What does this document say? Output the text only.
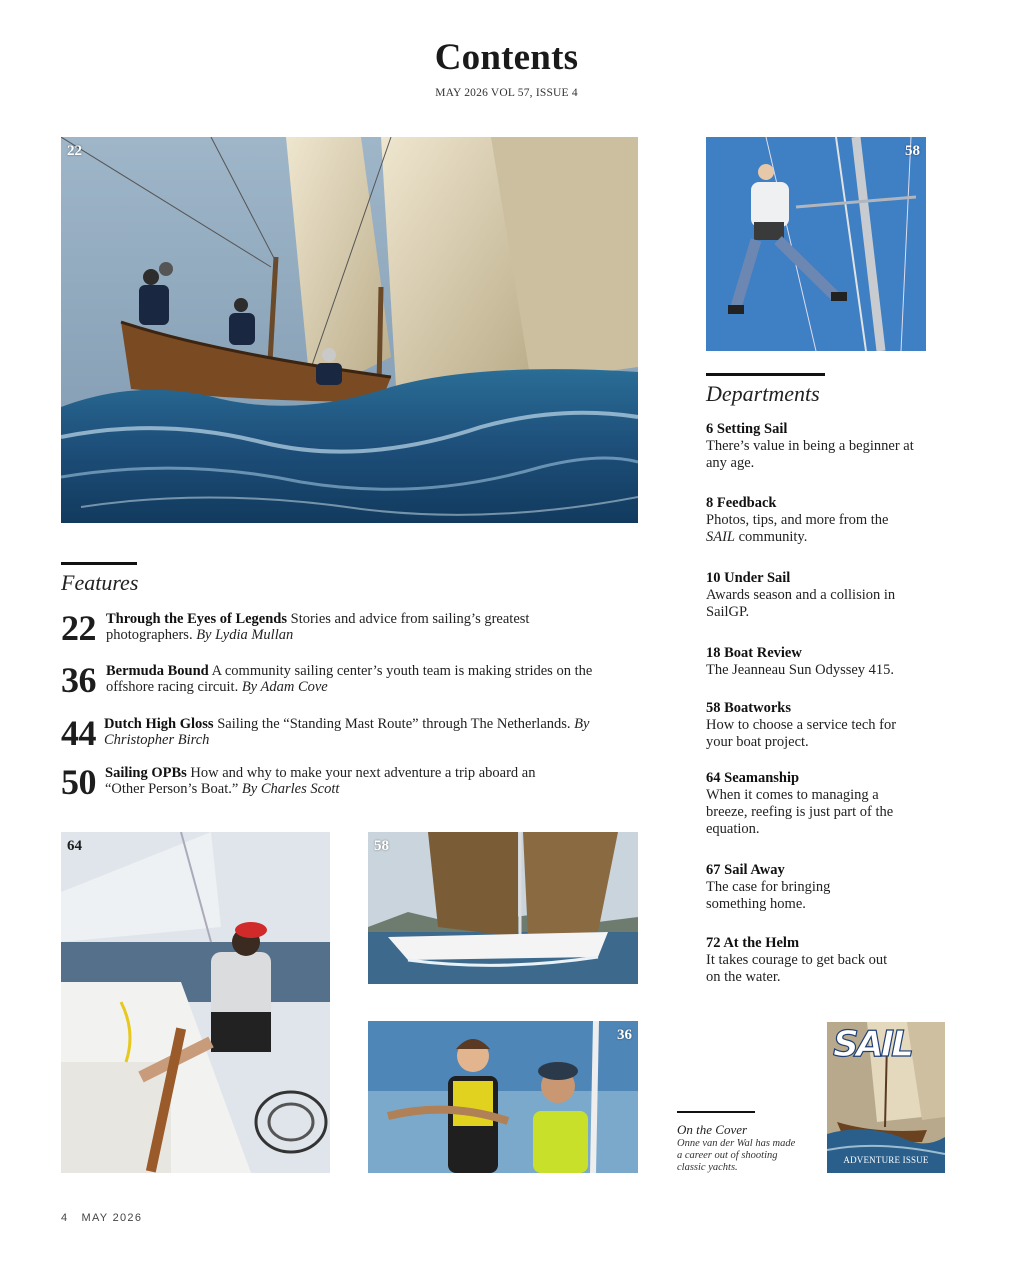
Contents
MAY 2026 VOL 57, ISSUE 4
22	58
Departments
6 Setting Sail
There’s value in being a beginner at any age.
8 Feedback
Photos, tips, and more from the SAIL community.
10 Under Sail
Awards season and a collision in SailGP.
18 Boat Review
The Jeanneau Sun Odyssey 415.
58 Boatworks
How to choose a service tech for your boat project.
64 Seamanship
When it comes to managing a breeze, reefing is just part of the equation.
67 Sail Away
The case for bringing something home.
72 At the Helm
It takes courage to get back out on the water.
Features
22 Through the Eyes of Legends Stories and advice from sailing’s greatest photographers. By Lydia Mullan
36 Bermuda Bound A community sailing center’s youth team is making strides on the offshore racing circuit. By Adam Cove
44 Dutch High Gloss Sailing the “Standing Mast Route” through The Netherlands. By Christopher Birch
50 Sailing OPBs How and why to make your next adventure a trip aboard an “Other Person’s Boat.” By Charles Scott
64	58
36
On the Cover
Onne van der Wal has made a career out of shooting classic yachts.
SAIL
ADVENTURE ISSUE
4   MAY 2026
